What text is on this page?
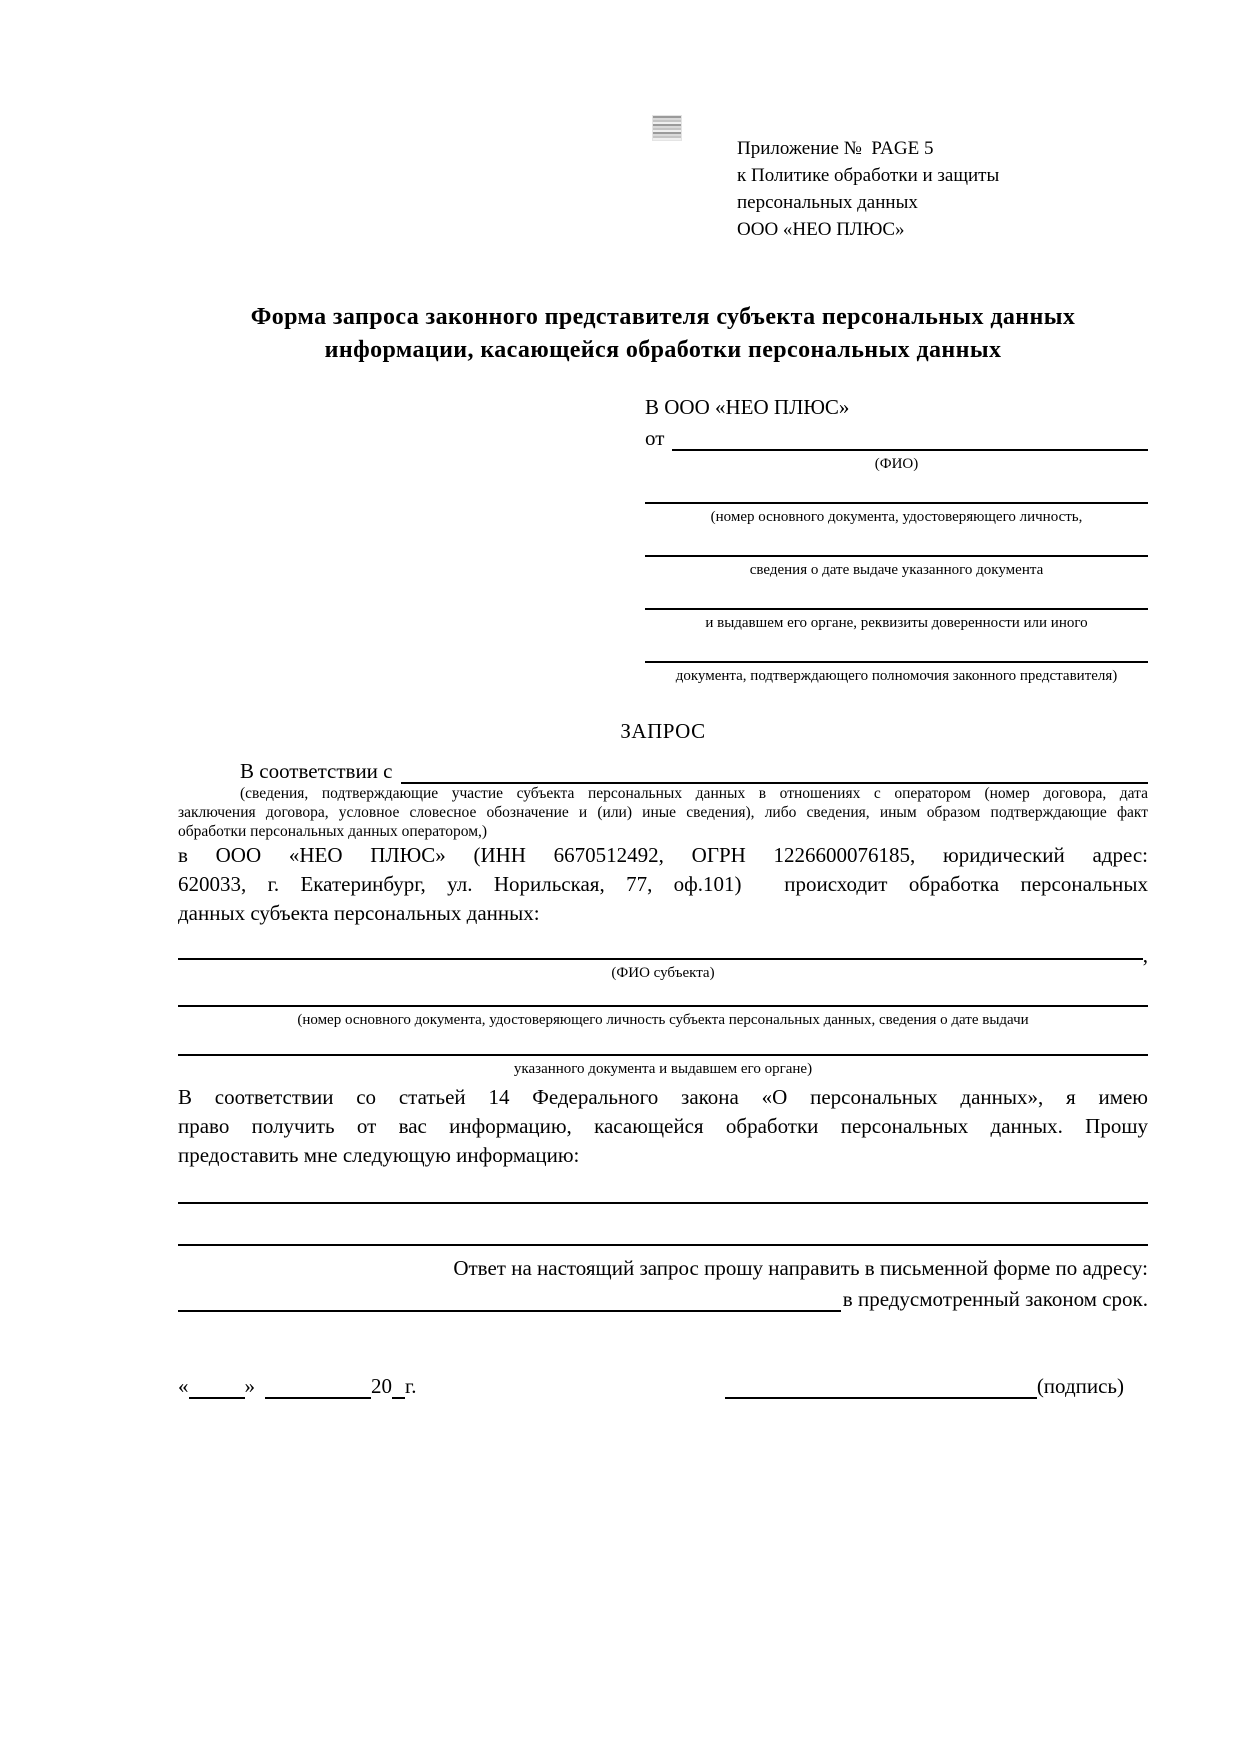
Приложение №  PAGE 5
к Политике обработки и защиты
персональных данных
ООО «НЕО ПЛЮС»
Форма запроса законного представителя субъекта персональных данных
информации, касающейся обработки персональных данных
В ООО «НЕО ПЛЮС»
от
(ФИО)
(номер основного документа, удостоверяющего личность,
сведения о дате выдаче указанного документа
и выдавшем его органе, реквизиты доверенности или иного
документа, подтверждающего полномочия законного представителя)
ЗАПРОС
В соответствии с
(сведения, подтверждающие участие субъекта персональных данных в отношениях с оператором (номер договора, дата
заключения договора, условное словесное обозначение и (или) иные сведения), либо сведения, иным образом подтверждающие факт
обработки персональных данных оператором,)
в ООО «НЕО ПЛЮС» (ИНН 6670512492, ОГРН 1226600076185, юридический адрес:
620033, г. Екатеринбург, ул. Норильская, 77, оф.101)  происходит обработка персональных
данных субъекта персональных данных:
,
(ФИО субъекта)
(номер основного документа, удостоверяющего личность субъекта персональных данных, сведения о дате выдачи
указанного документа и выдавшем его органе)
В соответствии со статьей 14 Федерального закона «О персональных данных», я имею
право получить от вас информацию, касающейся обработки персональных данных. Прошу
предоставить мне следующую информацию:
Ответ на настоящий запрос прошу направить в письменной форме по адресу:
в предусмотренный законом срок.
«	»	20 г.	(подпись)
